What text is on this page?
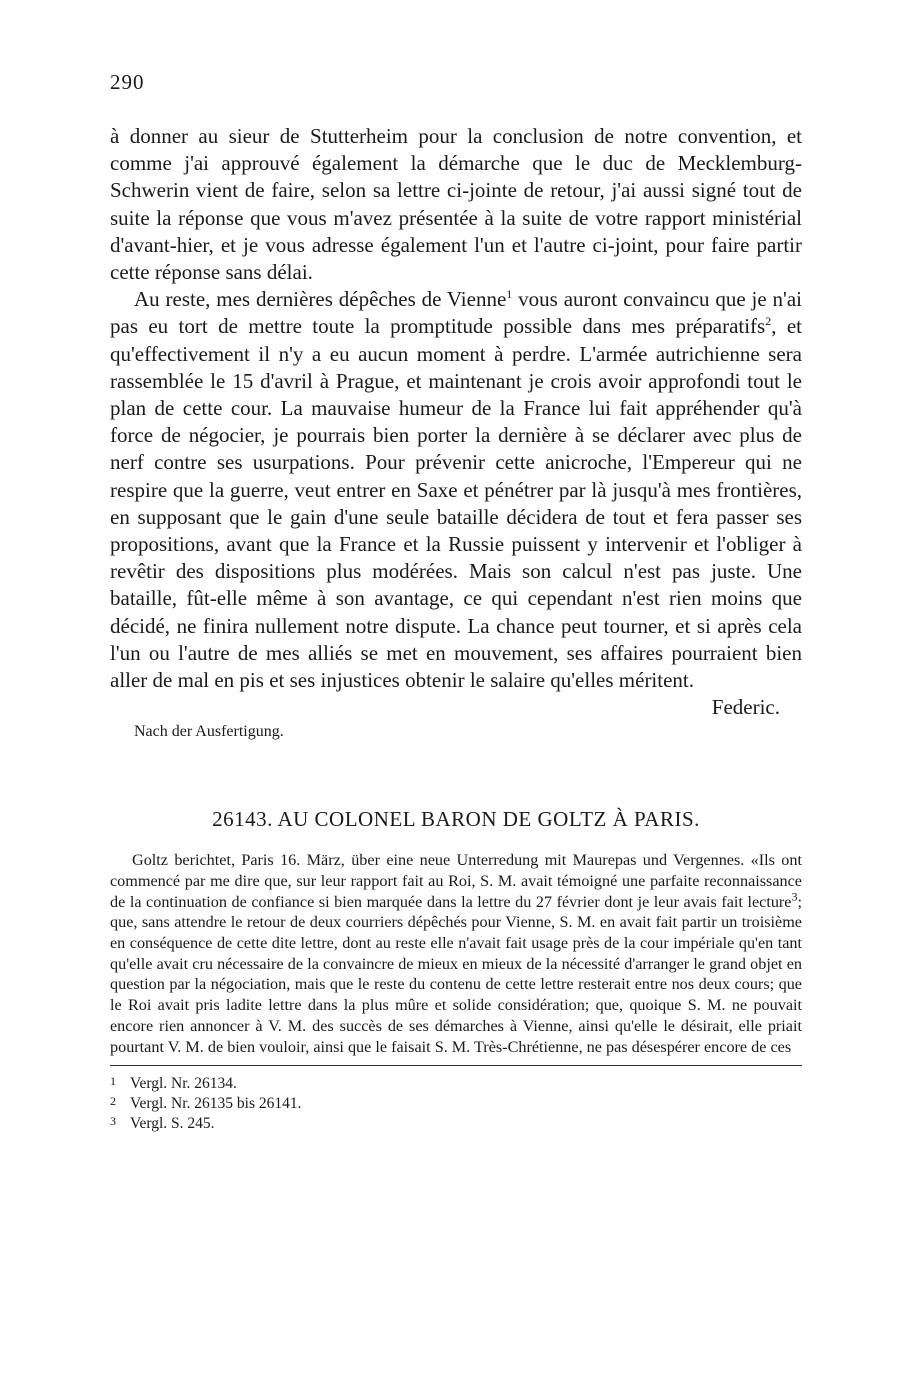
290

à donner au sieur de Stutterheim pour la conclusion de notre convention, et comme j'ai approuvé également la démarche que le duc de Mecklemburg-Schwerin vient de faire, selon sa lettre ci-jointe de retour, j'ai aussi signé tout de suite la réponse que vous m'avez présentée à la suite de votre rapport ministérial d'avant-hier, et je vous adresse également l'un et l'autre ci-joint, pour faire partir cette réponse sans délai.

Au reste, mes dernières dépêches de Vienne$^1$ vous auront convaincu que je n'ai pas eu tort de mettre toute la promptitude possible dans mes préparatifs$^2$, et qu'effectivement il n'y a eu aucun moment à perdre. L'armée autrichienne sera rassemblée le 15 d'avril à Prague, et maintenant je crois avoir approfondi tout le plan de cette cour. La mauvaise humeur de la France lui fait appréhender qu'à force de négocier, je pourrais bien porter la dernière à se déclarer avec plus de nerf contre ses usurpations. Pour prévenir cette anicroche, l'Empereur qui ne respire que la guerre, veut entrer en Saxe et pénétrer par là jusqu'à mes frontières, en supposant que le gain d'une seule bataille décidera de tout et fera passer ses propositions, avant que la France et la Russie puissent y intervenir et l'obliger à revêtir des dispositions plus modérées. Mais son calcul n'est pas juste. Une bataille, fût-elle même à son avantage, ce qui cependant n'est rien moins que décidé, ne finira nullement notre dispute. La chance peut tourner, et si après cela l'un ou l'autre de mes alliés se met en mouvement, ses affaires pourraient bien aller de mal en pis et ses injustices obtenir le salaire qu'elles méritent.

Federic.
Nach der Ausfertigung.
26143. AU COLONEL BARON DE GOLTZ À PARIS.

Goltz berichtet, Paris 16. März, über eine neue Unterredung mit Maurepas und Vergennes. «Ils ont commencé par me dire que, sur leur rapport fait au Roi, S. M. avait témoigné une parfaite reconnaissance de la continuation de confiance si bien marquée dans la lettre du 27 février dont je leur avais fait lecture$^3$; que, sans attendre le retour de deux courriers dépêchés pour Vienne, S. M. en avait fait partir un troisième en conséquence de cette dite lettre, dont au reste elle n'avait fait usage près de la cour impériale qu'en tant qu'elle avait cru nécessaire de la convaincre de mieux en mieux de la nécessité d'arranger le grand objet en question par la négociation, mais que le reste du contenu de cette lettre resterait entre nos deux cours; que le Roi avait pris ladite lettre dans la plus mûre et solide considération; que, quoique S. M. ne pouvait encore rien annoncer à V. M. des succès de ses démarches à Vienne, ainsi qu'elle le désirait, elle priait pourtant V. M. de bien vouloir, ainsi que le faisait S. M. Très-Chrétienne, ne pas désespérer encore de ces

1 Vergl. Nr. 26134.
2 Vergl. Nr. 26135 bis 26141.
3 Vergl. S. 245.
